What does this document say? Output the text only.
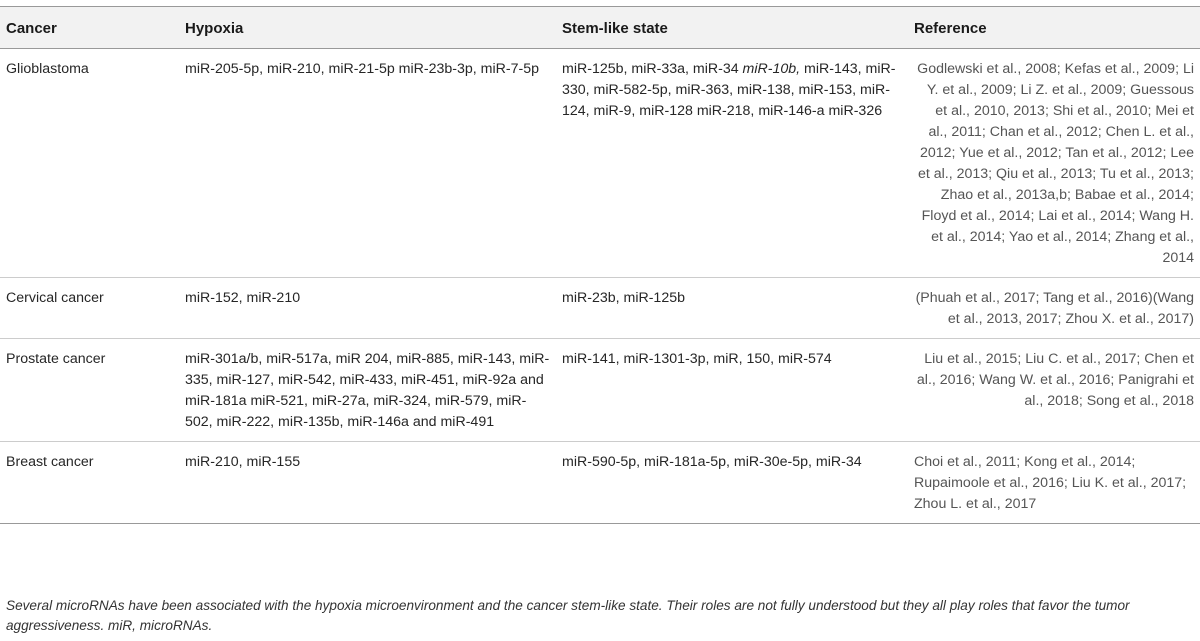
Cancer	Hypoxia	Stem-like state	Reference
Glioblastoma	miR-205-5p, miR-210, miR-21-5p miR-23b-3p, miR-7-5p	miR-125b, miR-33a, miR-34 miR-10b, miR-143, miR-330, miR-582-5p, miR-363, miR-138, miR-153, miR-124, miR-9, miR-128 miR-218, miR-146-a miR-326	Godlewski et al., 2008; Kefas et al., 2009; Li Y. et al., 2009; Li Z. et al., 2009; Guessous et al., 2010, 2013; Shi et al., 2010; Mei et al., 2011; Chan et al., 2012; Chen L. et al., 2012; Yue et al., 2012; Tan et al., 2012; Lee et al., 2013; Qiu et al., 2013; Tu et al., 2013; Zhao et al., 2013a,b; Babae et al., 2014; Floyd et al., 2014; Lai et al., 2014; Wang H. et al., 2014; Yao et al., 2014; Zhang et al., 2014
Cervical cancer	miR-152, miR-210	miR-23b, miR-125b	(Phuah et al., 2017; Tang et al., 2016)(Wang et al., 2013, 2017; Zhou X. et al., 2017)
Prostate cancer	miR-301a/b, miR-517a, miR 204, miR-885, miR-143, miR-335, miR-127, miR-542, miR-433, miR-451, miR-92a and miR-181a miR-521, miR-27a, miR-324, miR-579, miR-502, miR-222, miR-135b, miR-146a and miR-491	miR-141, miR-1301-3p, miR, 150, miR-574	Liu et al., 2015; Liu C. et al., 2017; Chen et al., 2016; Wang W. et al., 2016; Panigrahi et al., 2018; Song et al., 2018
Breast cancer	miR-210, miR-155	miR-590-5p, miR-181a-5p, miR-30e-5p, miR-34	Choi et al., 2011; Kong et al., 2014; Rupaimoole et al., 2016; Liu K. et al., 2017; Zhou L. et al., 2017
Several microRNAs have been associated with the hypoxia microenvironment and the cancer stem-like state. Their roles are not fully understood but they all play roles that favor the tumor aggressiveness. miR, microRNAs.
